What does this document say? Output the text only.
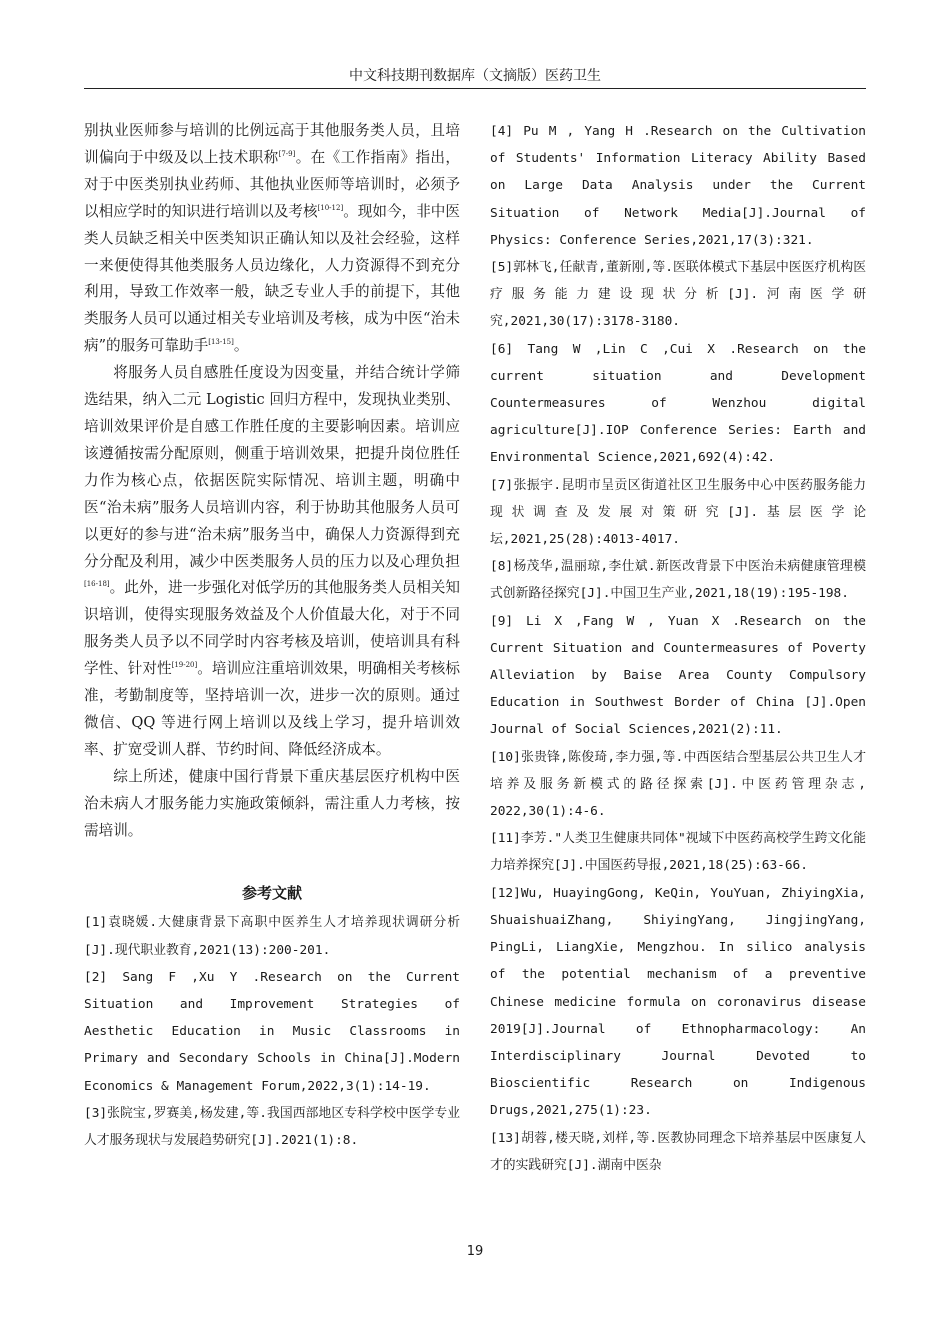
中文科技期刊数据库（文摘版）医药卫生

别执业医师参与培训的比例远高于其他服务类人员，且培训偏向于中级及以上技术职称[7-9]。在《工作指南》指出，对于中医类别执业药师、其他执业医师等培训时，必须予以相应学时的知识进行培训以及考核[10-12]。现如今，非中医类人员缺乏相关中医类知识正确认知以及社会经验，这样一来便使得其他类服务人员边缘化，人力资源得不到充分利用，导致工作效率一般，缺乏专业人手的前提下，其他类服务人员可以通过相关专业培训及考核，成为中医“治未病”的服务可靠助手[13-15]。

将服务人员自感胜任度设为因变量，并结合统计学筛选结果，纳入二元 Logistic 回归方程中，发现执业类别、培训效果评价是自感工作胜任度的主要影响因素。培训应该遵循按需分配原则，侧重于培训效果，把提升岗位胜任力作为核心点，依据医院实际情况、培训主题，明确中医“治未病”服务人员培训内容，利于协助其他服务人员可以更好的参与进“治未病”服务当中，确保人力资源得到充分分配及利用，减少中医类服务人员的压力以及心理负担[16-18]。此外，进一步强化对低学历的其他服务类人员相关知识培训，使得实现服务效益及个人价值最大化，对于不同服务类人员予以不同学时内容考核及培训，使培训具有科学性、针对性[19-20]。培训应注重培训效果，明确相关考核标准，考勤制度等，坚持培训一次，进步一次的原则。通过微信、QQ 等进行网上培训以及线上学习，提升培训效率、扩宽受训人群、节约时间、降低经济成本。

综上所述，健康中国行背景下重庆基层医疗机构中医治未病人才服务能力实施政策倾斜，需注重人力考核，按需培训。

参考文献

[1]袁晓媛.大健康背景下高职中医养生人才培养现状调研分析[J].现代职业教育,2021(13):200-201.

[2] Sang F ,Xu Y .Research on the Current Situation and Improvement Strategies of Aesthetic Education in Music Classrooms in Primary and Secondary Schools in China[J].Modern Economics & Management Forum,2022,3(1):14-19.

[3]张院宝,罗赛美,杨发建,等.我国西部地区专科学校中医学专业人才服务现状与发展趋势研究[J].2021(1):8.

[4] Pu M , Yang H .Research on the Cultivation of Students' Information Literacy Ability Based on Large Data Analysis under the Current Situation of Network Media[J].Journal of Physics: Conference Series,2021,17(3):321.

[5]郭林飞,任献青,董新刚,等.医联体模式下基层中医医疗机构医疗服务能力建设现状分析[J].河南医学研究,2021,30(17):3178-3180.

[6] Tang W ,Lin C ,Cui X .Research on the current situation and Development Countermeasures of Wenzhou digital agriculture[J].IOP Conference Series: Earth and Environmental Science,2021,692(4):42.

[7]张振宇.昆明市呈贡区街道社区卫生服务中心中医药服务能力现状调查及发展对策研究[J].基层医学论坛,2021,25(28):4013-4017.

[8]杨茂华,温丽琼,李仕斌.新医改背景下中医治未病健康管理模式创新路径探究[J].中国卫生产业,2021,18(19):195-198.

[9] Li X ,Fang W , Yuan X .Research on the Current Situation and Countermeasures of Poverty Alleviation by Baise Area County Compulsory Education in Southwest Border of China [J].Open Journal of Social Sciences,2021(2):11.

[10]张贵锋,陈俊琦,李力强,等.中西医结合型基层公共卫生人才培养及服务新模式的路径探索[J].中医药管理杂志, 2022,30(1):4-6.

[11]李芳."人类卫生健康共同体"视域下中医药高校学生跨文化能力培养探究[J].中国医药导报,2021,18(25):63-66.

[12]Wu, HuayingGong, KeQin, YouYuan, ZhiyingXia, ShuaishuaiZhang, ShiyingYang, JingjingYang, PingLi, LiangXie, Mengzhou. In silico analysis of the potential mechanism of a preventive Chinese medicine formula on coronavirus disease 2019[J].Journal of Ethnopharmacology: An Interdisciplinary Journal Devoted to Bioscientific Research on Indigenous Drugs,2021,275(1):23.

[13]胡蓉,楼天晓,刘样,等.医教协同理念下培养基层中医康复人才的实践研究[J].湖南中医杂

19
